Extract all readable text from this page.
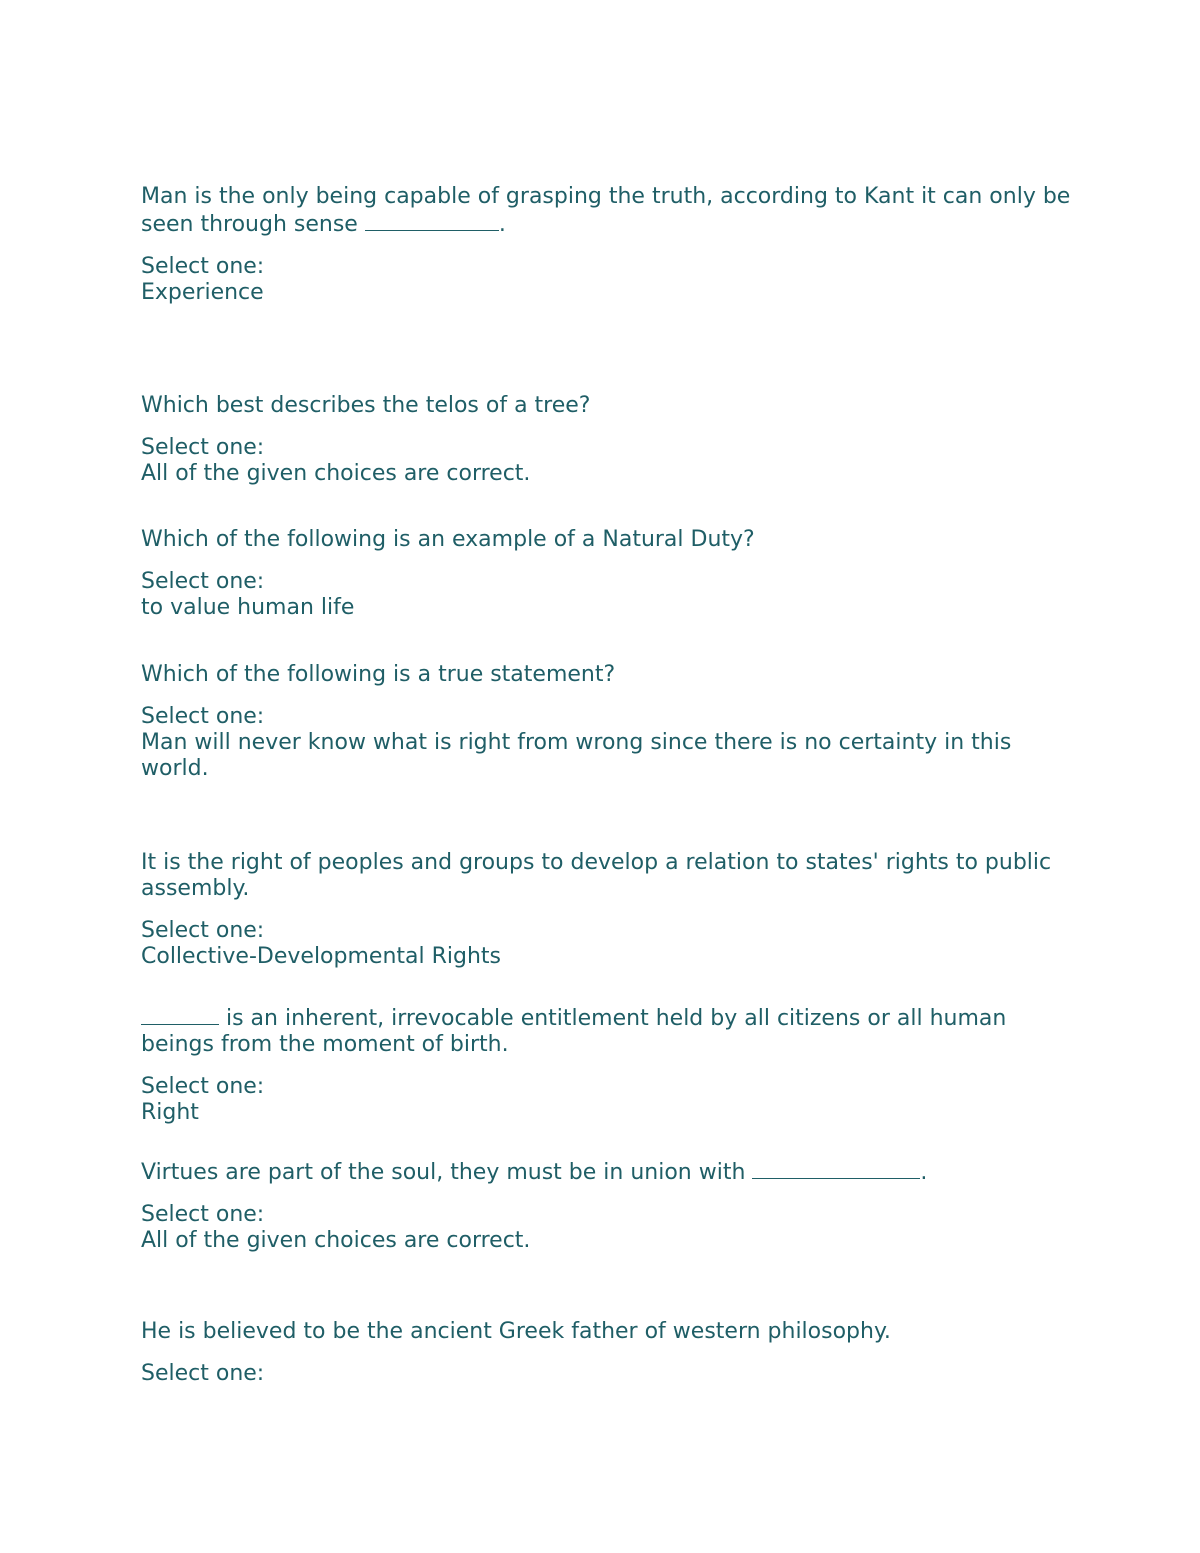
Man is the only being capable of grasping the truth, according to Kant it can only be seen through sense	.

Select one:

Experience

Which best describes the telos of a tree?

Select one:

All of the given choices are correct.

Which of the following is an example of a Natural Duty?

Select one:

to value human life

Which of the following is a true statement?

Select one:

Man will never know what is right from wrong since there is no certainty in this world.

It is the right of peoples and groups to develop a relation to states' rights to public assembly.

Select one:

Collective-Developmental Rights

is an inherent, irrevocable entitlement held by all citizens or all human beings from the moment of birth.

Select one:

Right

Virtues are part of the soul, they must be in union with	.

Select one:

All of the given choices are correct.

He is believed to be the ancient Greek father of western philosophy.

Select one:
